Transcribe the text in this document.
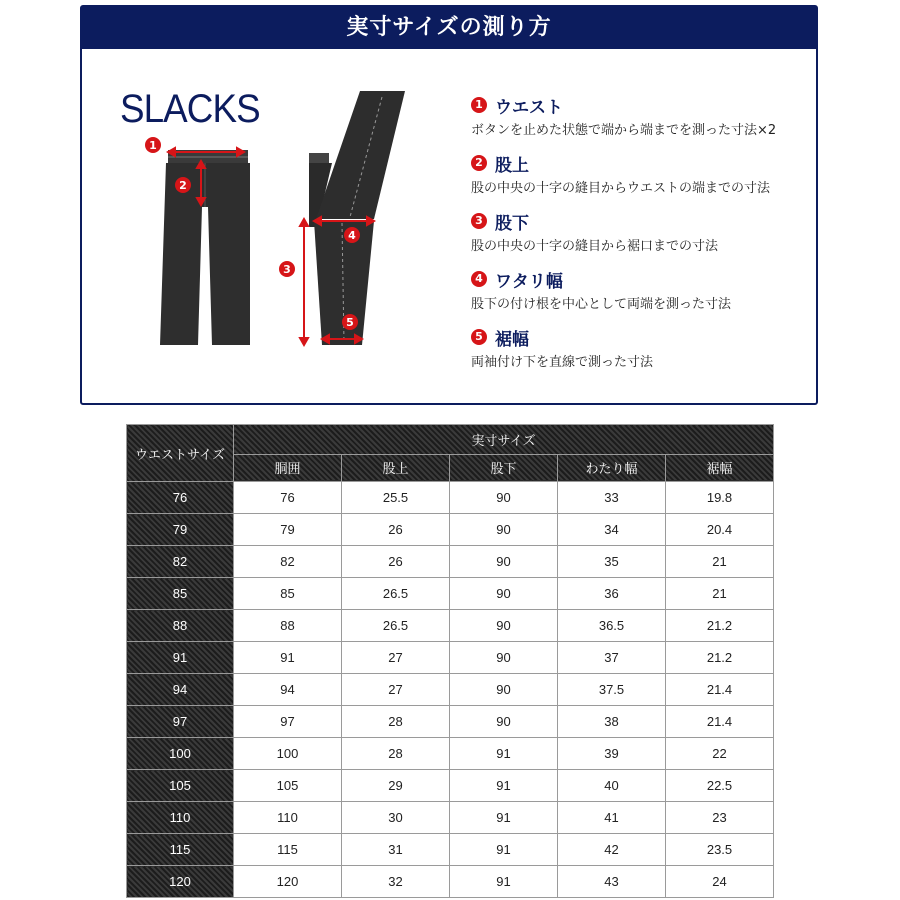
実寸サイズの測り方
SLACKS
1
2
3
4
5
1 ウエスト
ボタンを止めた状態で端から端までを測った寸法×2
2 股上
股の中央の十字の縫目からウエストの端までの寸法
3 股下
股の中央の十字の縫目から裾口までの寸法
4 ワタリ幅
股下の付け根を中心として両端を測った寸法
5 裾幅
両袖付け下を直線で測った寸法
ウエストサイズ	実寸サイズ				
	胴囲	股上	股下	わたり幅	裾幅
76	76	25.5	90	33	19.8
79	79	26	90	34	20.4
82	82	26	90	35	21
85	85	26.5	90	36	21
88	88	26.5	90	36.5	21.2
91	91	27	90	37	21.2
94	94	27	90	37.5	21.4
97	97	28	90	38	21.4
100	100	28	91	39	22
105	105	29	91	40	22.5
110	110	30	91	41	23
115	115	31	91	42	23.5
120	120	32	91	43	24
